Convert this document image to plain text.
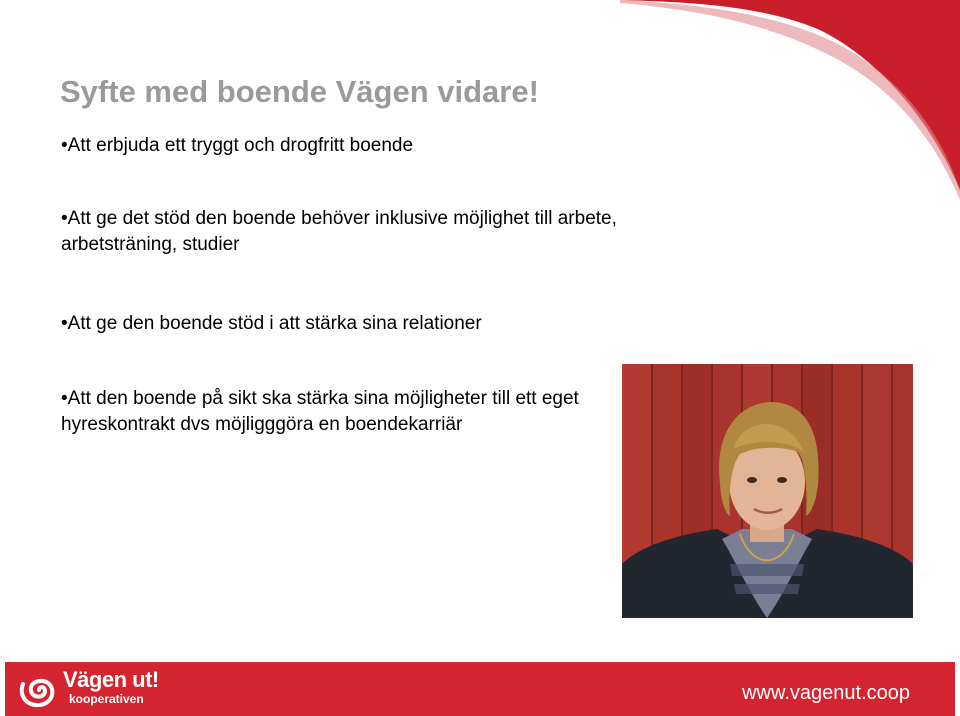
Syfte med boende Vägen vidare!
•Att erbjuda ett tryggt och drogfritt boende
•Att ge det stöd den boende behöver inklusive möjlighet till arbete, arbetsträning, studier
•Att ge den boende stöd i att stärka sina relationer
•Att den boende på sikt ska stärka sina möjligheter till ett eget hyreskontrakt dvs möjligggöra en boendekarriär
Vägen ut!
kooperativen	www.vagenut.coop
